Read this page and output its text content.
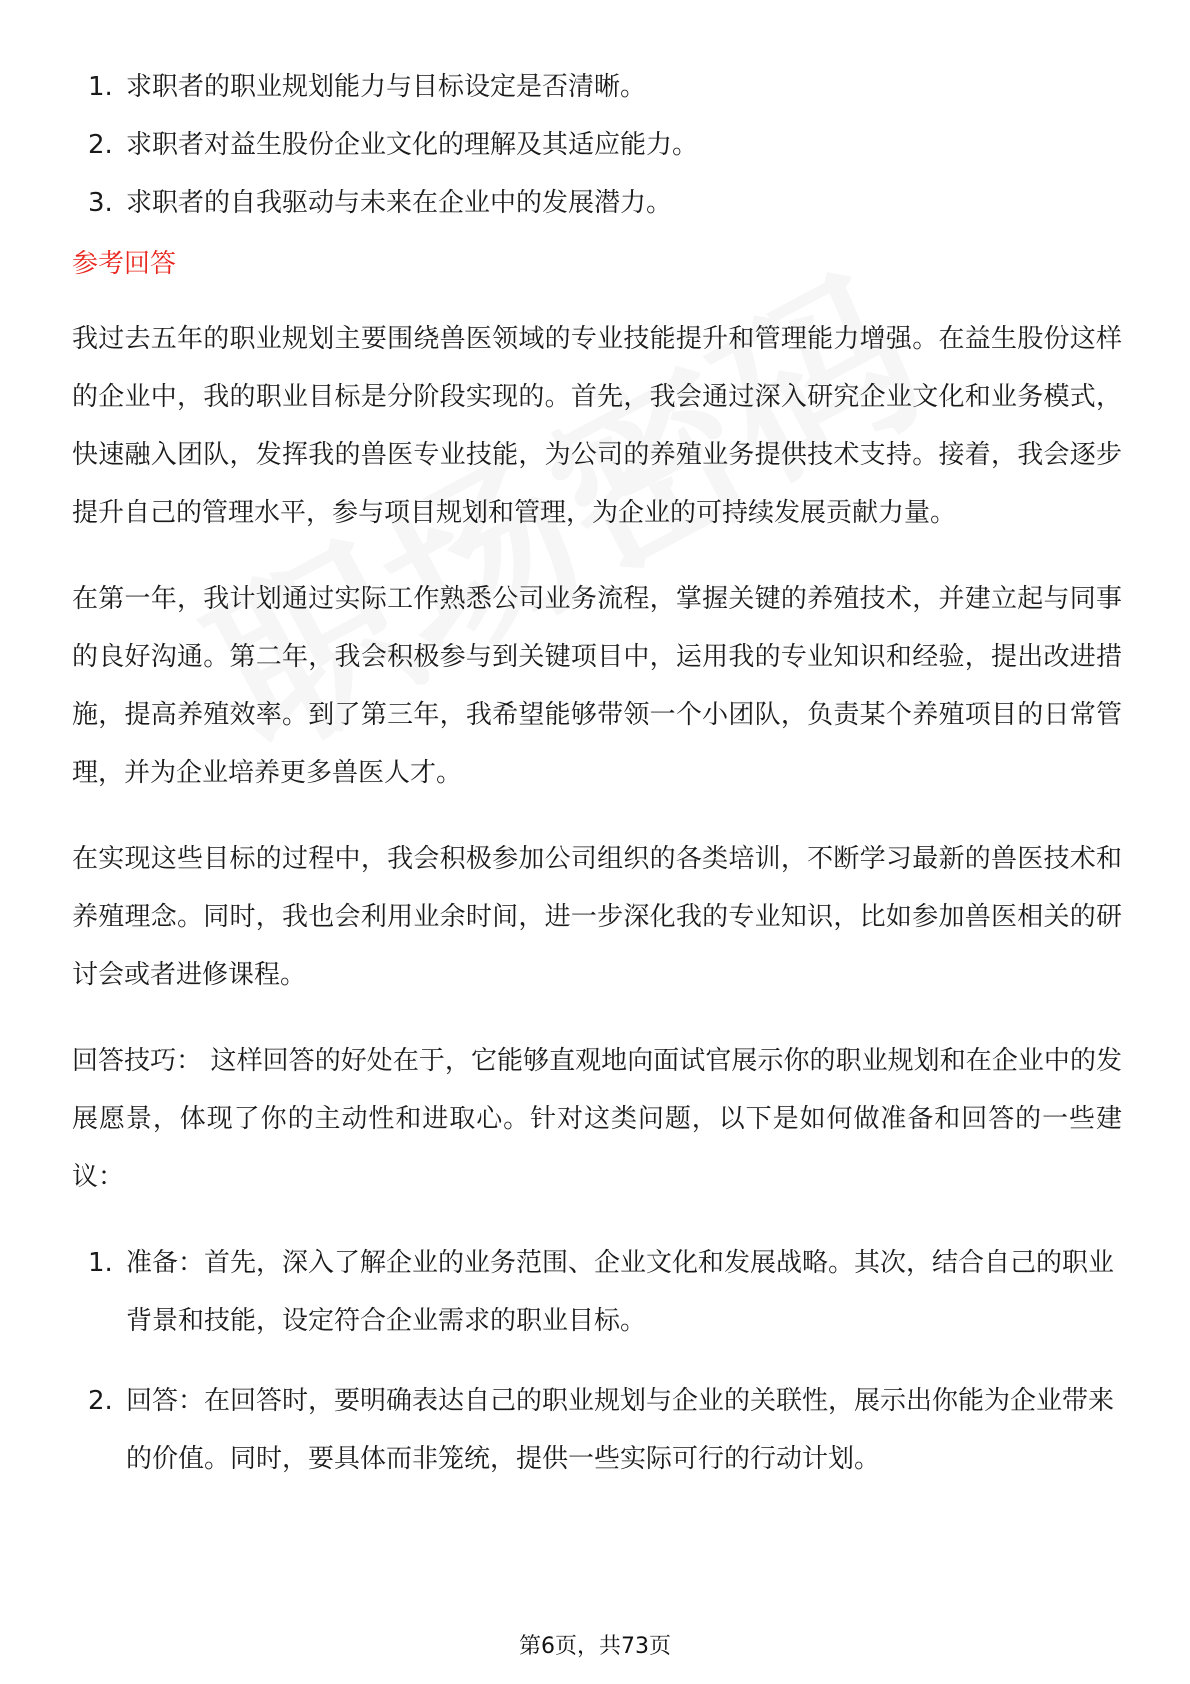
1. 求职者的职业规划能力与目标设定是否清晰。
2. 求职者对益生股份企业文化的理解及其适应能力。
3. 求职者的自我驱动与未来在企业中的发展潜力。
参考回答

我过去五年的职业规划主要围绕兽医领域的专业技能提升和管理能力增强。在益生股份这样的企业中，我的职业目标是分阶段实现的。首先，我会通过深入研究企业文化和业务模式，快速融入团队，发挥我的兽医专业技能，为公司的养殖业务提供技术支持。接着，我会逐步提升自己的管理水平，参与项目规划和管理，为企业的可持续发展贡献力量。

在第一年，我计划通过实际工作熟悉公司业务流程，掌握关键的养殖技术，并建立起与同事的良好沟通。第二年，我会积极参与到关键项目中，运用我的专业知识和经验，提出改进措施，提高养殖效率。到了第三年，我希望能够带领一个小团队，负责某个养殖项目的日常管理，并为企业培养更多兽医人才。

在实现这些目标的过程中，我会积极参加公司组织的各类培训，不断学习最新的兽医技术和养殖理念。同时，我也会利用业余时间，进一步深化我的专业知识，比如参加兽医相关的研讨会或者进修课程。

回答技巧： 这样回答的好处在于，它能够直观地向面试官展示你的职业规划和在企业中的发展愿景，体现了你的主动性和进取心。针对这类问题，以下是如何做准备和回答的一些建议：

1. 准备：首先，深入了解企业的业务范围、企业文化和发展战略。其次，结合自己的职业背景和技能，设定符合企业需求的职业目标。
2. 回答：在回答时，要明确表达自己的职业规划与企业的关联性，展示出你能为企业带来的价值。同时，要具体而非笼统，提供一些实际可行的行动计划。
第6页，共73页
